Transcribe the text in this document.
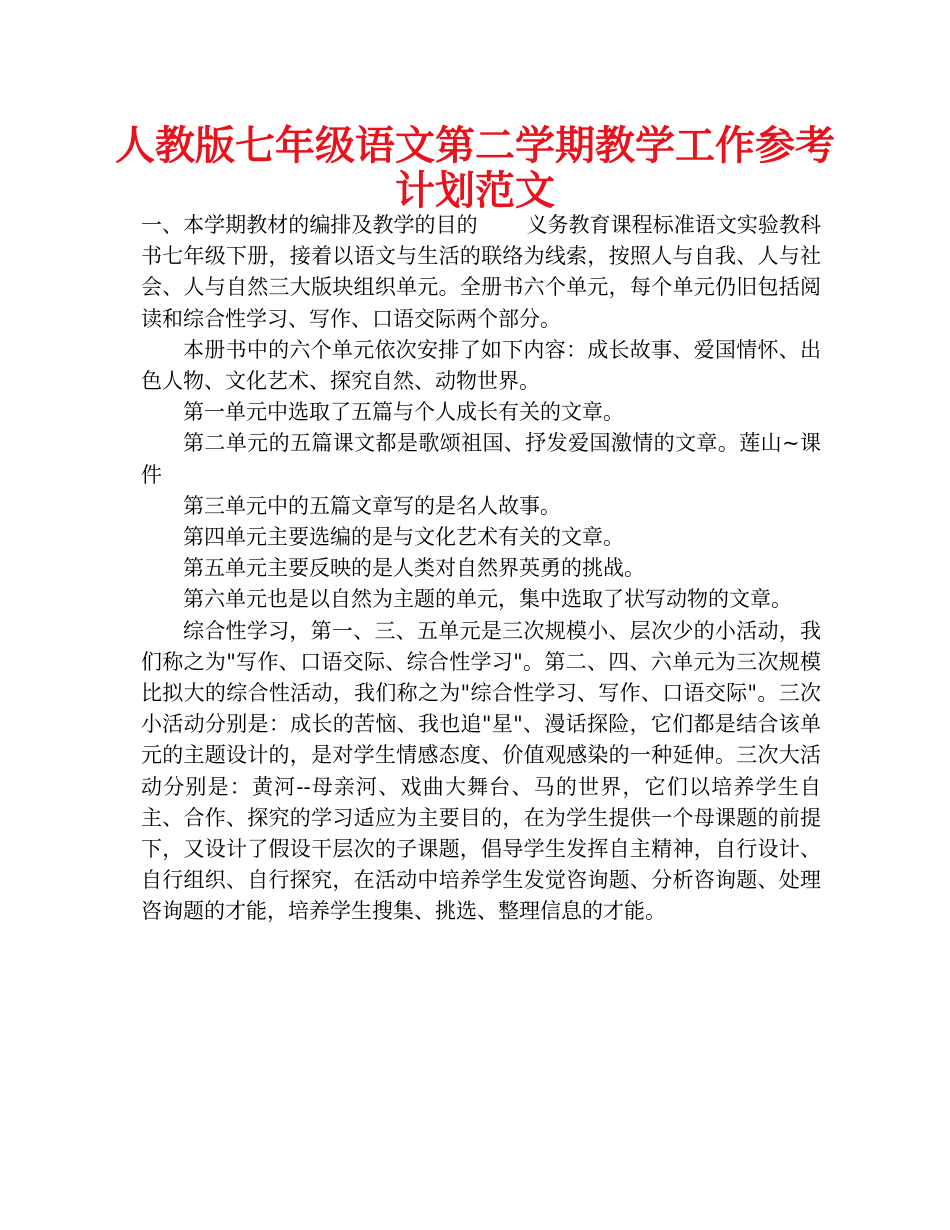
人教版七年级语文第二学期教学工作参考
计划范文

一、本学期教材的编排及教学的目的　　 义务教育课程标准语文实验教科书七年级下册，接着以语文与生活的联络为线索，按照人与自我、人与社会、人与自然三大版块组织单元。全册书六个单元，每个单元仍旧包括阅读和综合性学习、写作、口语交际两个部分。

本册书中的六个单元依次安排了如下内容：成长故事、爱国情怀、出色人物、文化艺术、探究自然、动物世界。

第一单元中选取了五篇与个人成长有关的文章。

第二单元的五篇课文都是歌颂祖国、抒发爱国激情的文章。莲山~课件

第三单元中的五篇文章写的是名人故事。

第四单元主要选编的是与文化艺术有关的文章。

第五单元主要反映的是人类对自然界英勇的挑战。

第六单元也是以自然为主题的单元，集中选取了状写动物的文章。

综合性学习，第一、三、五单元是三次规模小、层次少的小活动，我们称之为"写作、口语交际、综合性学习"。第二、四、六单元为三次规模比拟大的综合性活动，我们称之为"综合性学习、写作、口语交际"。三次小活动分别是：成长的苦恼、我也追"星"、漫话探险，它们都是结合该单元的主题设计的，是对学生情感态度、价值观感染的一种延伸。三次大活动分别是：黄河--母亲河、戏曲大舞台、马的世界，它们以培养学生自主、合作、探究的学习适应为主要目的，在为学生提供一个母课题的前提下，又设计了假设干层次的子课题，倡导学生发挥自主精神，自行设计、自行组织、自行探究，在活动中培养学生发觉咨询题、分析咨询题、处理咨询题的才能，培养学生搜集、挑选、整理信息的才能。
